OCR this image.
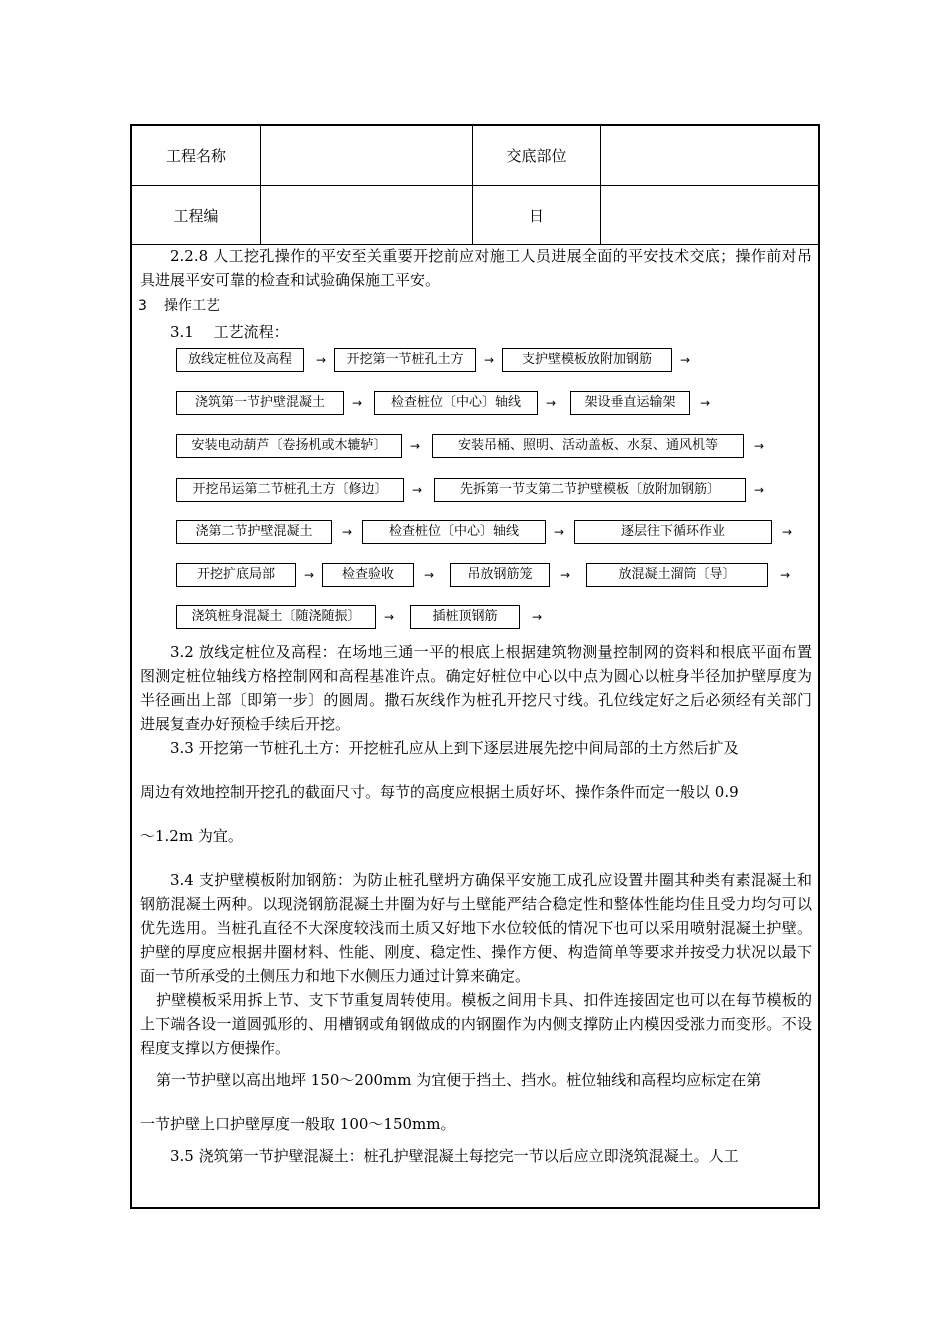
工程名称	交底部位
工程编	日

2.2.8 人工挖孔操作的平安至关重要开挖前应对施工人员进展全面的平安技术交底；操作前对吊具进展平安可靠的检查和试验确保施工平安。

3 操作工艺

3.1　 工艺流程：

放线定桩位及高程	→	开挖第一节桩孔土方	→	支护壁模板放附加钢筋	→
浇筑第一节护壁混凝土	→	检查桩位〔中心〕轴线	→	架设垂直运输架	→
安装电动葫芦〔卷扬机或木辘轳〕	→	安装吊桶、照明、活动盖板、水泵、通风机等	→
开挖吊运第二节桩孔土方〔修边〕	→	先拆第一节支第二节护壁模板〔放附加钢筋〕	→
浇第二节护壁混凝土	→	检查桩位〔中心〕轴线	→	逐层往下循环作业	→
开挖扩底局部	→	检查验收	→	吊放钢筋笼	→	放混凝土溜筒〔导〕	→
浇筑桩身混凝土〔随浇随振〕	→	插桩顶钢筋	→

3.2 放线定桩位及高程：在场地三通一平的根底上根据建筑物测量控制网的资料和根底平面布置图测定桩位轴线方格控制网和高程基准许点。确定好桩位中心以中点为圆心以桩身半径加护壁厚度为半径画出上部〔即第一步〕的圆周。撒石灰线作为桩孔开挖尺寸线。孔位线定好之后必须经有关部门进展复查办好预检手续后开挖。

3.3 开挖第一节桩孔土方：开挖桩孔应从上到下逐层进展先挖中间局部的土方然后扩及

周边有效地控制开挖孔的截面尺寸。每节的高度应根据土质好坏、操作条件而定一般以 0.9

～1.2m 为宜。

3.4 支护壁模板附加钢筋：为防止桩孔壁坍方确保平安施工成孔应设置井圈其种类有素混凝土和钢筋混凝土两种。以现浇钢筋混凝土井圈为好与土壁能严结合稳定性和整体性能均佳且受力均匀可以优先选用。当桩孔直径不大深度较浅而土质又好地下水位较低的情况下也可以采用喷射混凝土护壁。护壁的厚度应根据井圈材料、性能、刚度、稳定性、操作方便、构造简单等要求并按受力状况以最下面一节所承受的土侧压力和地下水侧压力通过计算来确定。

护壁模板采用拆上节、支下节重复周转使用。模板之间用卡具、扣件连接固定也可以在每节模板的上下端各设一道圆弧形的、用槽钢或角钢做成的内钢圈作为内侧支撑防止内模因受涨力而变形。不设程度支撑以方便操作。

第一节护壁以高出地坪 150～200mm 为宜便于挡土、挡水。桩位轴线和高程均应标定在第

一节护壁上口护壁厚度一般取 100～150mm。

3.5 浇筑第一节护壁混凝土：桩孔护壁混凝土每挖完一节以后应立即浇筑混凝土。人工
